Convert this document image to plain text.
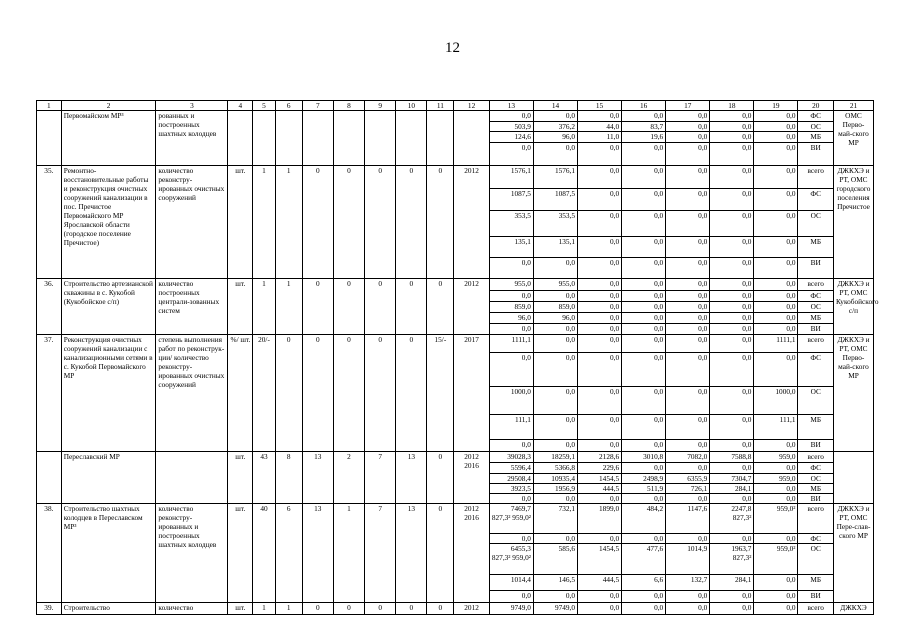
12
1	2	3	4	5	6	7	8	9	10	11	12	13	14	15	16	17	18	19	20	21
	Первомайском МР³	рованных и построенных шахтных колодцев										0,0	0,0	0,0	0,0	0,0	0,0	0,0	ФС	ОМС Перво-май-ского МР
												503,9	376,2	44,0	83,7	0,0	0,0	0,0	ОС	
												124,6	96,0	11,0	19,6	0,0	0,0	0,0	МБ	
												0,0	0,0	0,0	0,0	0,0	0,0	0,0	ВИ	
35.	Ремонтно-восстановительные работы и реконструкция очистных сооружений канализации в пос. Пречистое Первомайского МР Ярославской области (городское поселение Пречистое)	количество реконстру-ированных очистных сооружений	шт.	1	1	0	0	0	0	0	2012	1576,1	1576,1	0,0	0,0	0,0	0,0	0,0	всего	ДЖКХЭ и РТ, ОМС городского поселения Пречистое
												1087,5	1087,5	0,0	0,0	0,0	0,0	0,0	ФС	
												353,5	353,5	0,0	0,0	0,0	0,0	0,0	ОС	
												135,1	135,1	0,0	0,0	0,0	0,0	0,0	МБ	
												0,0	0,0	0,0	0,0	0,0	0,0	0,0	ВИ	
36.	Строительство артезианской скважины в с. Кукобой (Кукобойское с/п)	количество построенных централи-зованных систем	шт.	1	1	0	0	0	0	0	2012	955,0	955,0	0,0	0,0	0,0	0,0	0,0	всего	ДЖКХЭ и РТ, ОМС Кукобойского с/п
												0,0	0,0	0,0	0,0	0,0	0,0	0,0	ФС	
												859,0	859,0	0,0	0,0	0,0	0,0	0,0	ОС	
												96,0	96,0	0,0	0,0	0,0	0,0	0,0	МБ	
												0,0	0,0	0,0	0,0	0,0	0,0	0,0	ВИ	
37.	Реконструкция очистных сооружений канализации с канализационными сетями в с. Кукобой Первомайского МР	степень выполнения работ по реконструк-ции/ количество реконстру-ированных очистных сооружений	%/ шт.	20/-	0	0	0	0	0	15/-	2017	1111,1	0,0	0,0	0,0	0,0	0,0	1111,1	всего	ДЖКХЭ и РТ, ОМС Перво-май-ского МР
												0,0	0,0	0,0	0,0	0,0	0,0	0,0	ФС	
												1000,0	0,0	0,0	0,0	0,0	0,0	1000,0	ОС	
												111,1	0,0	0,0	0,0	0,0	0,0	111,1	МБ	
												0,0	0,0	0,0	0,0	0,0	0,0	0,0	ВИ	
	Переславский МР		шт.	43	8	13	2	7	13	0	2012 2016	39028,3	18259,1	2128,6	3010,8	7082,0	7588,8	959,0	всего	
												5596,4	5366,8	229,6	0,0	0,0	0,0	0,0	ФС	
												29508,4	10935,4	1454,5	2498,9	6355,9	7304,7	959,0	ОС	
												3923,5	1956,9	444,5	511,9	726,1	284,1	0,0	МБ	
												0,0	0,0	0,0	0,0	0,0	0,0	0,0	ВИ	
38.	Строительство шахтных колодцев в Переславском МР³	количество реконстру-ированных и построенных шахтных колодцев	шт.	40	6	13	1	7	13	0	2012 2016	7469,7 827,3² 959,0²	732,1	1899,0	484,2	1147,6	2247,8 827,3²	959,0²	всего	ДЖКХЭ и РТ, ОМС Пере-слав-ского МР
												0,0	0,0	0,0	0,0	0,0	0,0	0,0	ФС	
												6455,3 827,3² 959,0²	585,6	1454,5	477,6	1014,9	1963,7 827,3²	959,0²	ОС	
												1014,4	146,5	444,5	6,6	132,7	284,1	0,0	МБ	
												0,0	0,0	0,0	0,0	0,0	0,0	0,0	ВИ	
39.	Строительство	количество	шт.	1	1	0	0	0	0	0	2012	9749,0	9749,0	0,0	0,0	0,0	0,0	0,0	всего	ДЖКХЭ
